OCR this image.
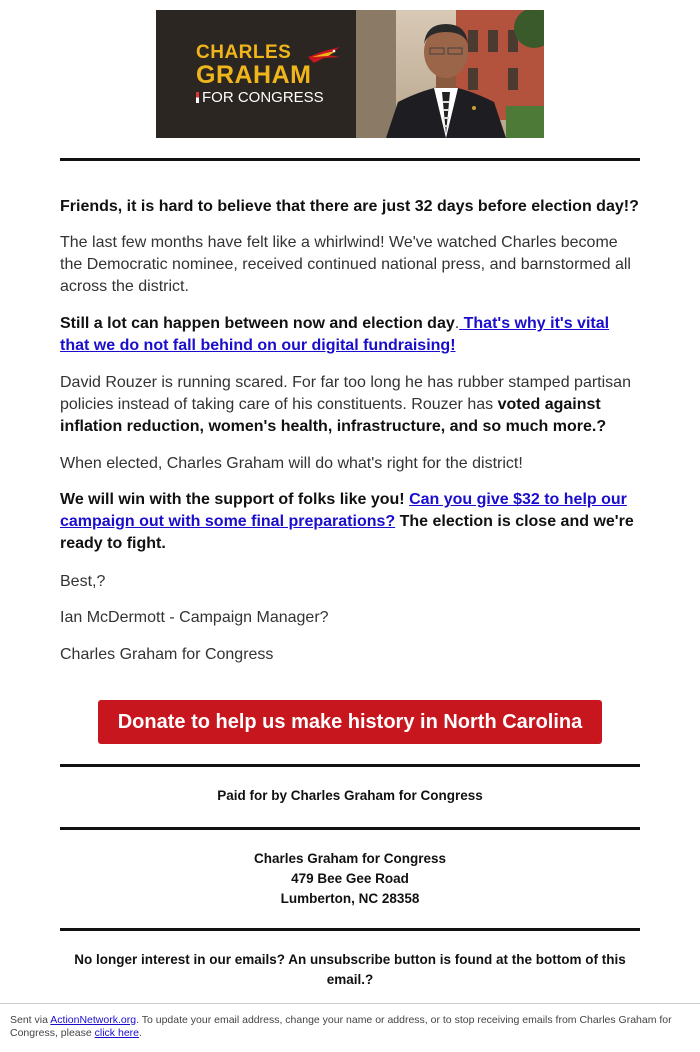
CHARLES
GRAHAM
FOR CONGRESS
Friends, it is hard to believe that there are just 32 days before election day!?
The last few months have felt like a whirlwind! We've watched Charles become the Democratic nominee, received continued national press, and barnstormed all across the district.
Still a lot can happen between now and election day. That's why it's vital that we do not fall behind on our digital fundraising!
David Rouzer is running scared. For far too long he has rubber stamped partisan policies instead of taking care of his constituents. Rouzer has voted against inflation reduction, women's health, infrastructure, and so much more.?
When elected, Charles Graham will do what's right for the district!
We will win with the support of folks like you! Can you give $32 to help our campaign out with some final preparations? The election is close and we're ready to fight.
Best,?
Ian McDermott - Campaign Manager?
Charles Graham for Congress
Donate to help us make history in North Carolina
Paid for by Charles Graham for Congress
Charles Graham for Congress
479 Bee Gee Road
Lumberton, NC 28358
No longer interest in our emails? An unsubscribe button is found at the bottom of this email.?
Sent via ActionNetwork.org. To update your email address, change your name or address, or to stop receiving emails from Charles Graham for Congress, please click here.
